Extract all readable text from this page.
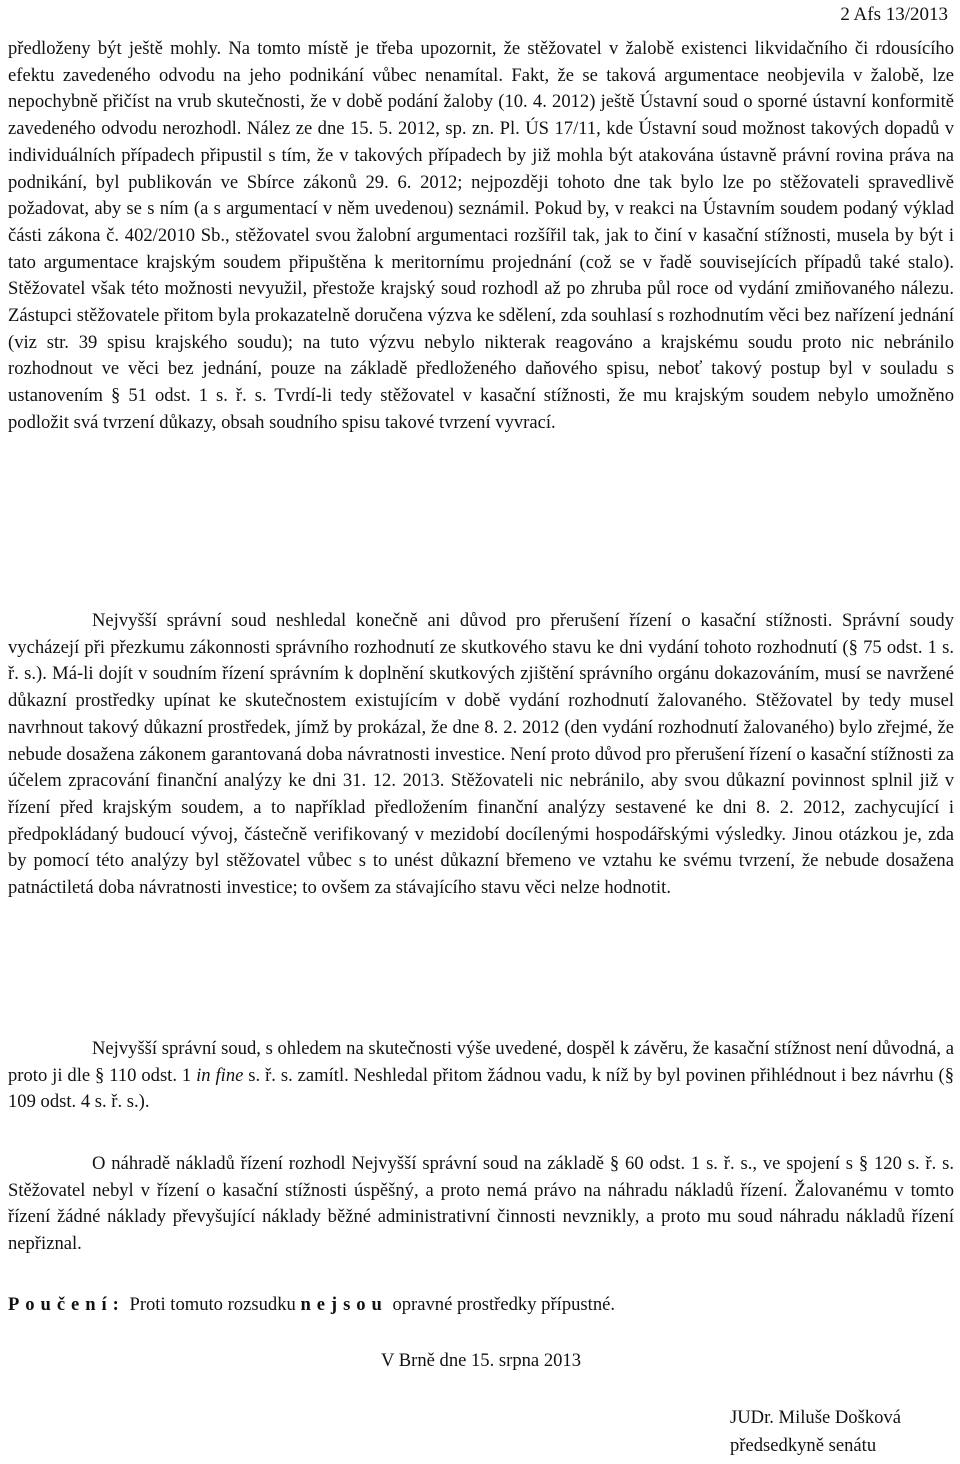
2 Afs 13/2013

předloženy být ještě mohly. Na tomto místě je třeba upozornit, že stěžovatel v žalobě existenci likvidačního či rdousícího efektu zavedeného odvodu na jeho podnikání vůbec nenamítal. Fakt, že se taková argumentace neobjevila v žalobě, lze nepochybně přičíst na vrub skutečnosti, že v době podání žaloby (10. 4. 2012) ještě Ústavní soud o sporné ústavní konformitě zavedeného odvodu nerozhodl. Nález ze dne 15. 5. 2012, sp. zn. Pl. ÚS 17/11, kde Ústavní soud možnost takových dopadů v individuálních případech připustil s tím, že v takových případech by již mohla být atakována ústavně právní rovina práva na podnikání, byl publikován ve Sbírce zákonů 29. 6. 2012; nejpozději tohoto dne tak bylo lze po stěžovateli spravedlivě požadovat, aby se s ním (a s argumentací v něm uvedenou) seznámil. Pokud by, v reakci na Ústavním soudem podaný výklad části zákona č. 402/2010 Sb., stěžovatel svou žalobní argumentaci rozšířil tak, jak to činí v kasační stížnosti, musela by být i tato argumentace krajským soudem připuštěna k meritornímu projednání (což se v řadě souvisejících případů také stalo). Stěžovatel však této možnosti nevyužil, přestože krajský soud rozhodl až po zhruba půl roce od vydání zmiňovaného nálezu. Zástupci stěžovatele přitom byla prokazatelně doručena výzva ke sdělení, zda souhlasí s rozhodnutím věci bez nařízení jednání (viz str. 39 spisu krajského soudu); na tuto výzvu nebylo nikterak reagováno a krajskému soudu proto nic nebránilo rozhodnout ve věci bez jednání, pouze na základě předloženého daňového spisu, neboť takový postup byl v souladu s ustanovením § 51 odst. 1 s. ř. s. Tvrdí-li tedy stěžovatel v kasační stížnosti, že mu krajským soudem nebylo umožněno podložit svá tvrzení důkazy, obsah soudního spisu takové tvrzení vyvrací.

Nejvyšší správní soud neshledal konečně ani důvod pro přerušení řízení o kasační stížnosti. Správní soudy vycházejí při přezkumu zákonnosti správního rozhodnutí ze skutkového stavu ke dni vydání tohoto rozhodnutí (§ 75 odst. 1 s. ř. s.). Má-li dojít v soudním řízení správním k doplnění skutkových zjištění správního orgánu dokazováním, musí se navržené důkazní prostředky upínat ke skutečnostem existujícím v době vydání rozhodnutí žalovaného. Stěžovatel by tedy musel navrhnout takový důkazní prostředek, jímž by prokázal, že dne 8. 2. 2012 (den vydání rozhodnutí žalovaného) bylo zřejmé, že nebude dosažena zákonem garantovaná doba návratnosti investice. Není proto důvod pro přerušení řízení o kasační stížnosti za účelem zpracování finanční analýzy ke dni 31. 12. 2013. Stěžovateli nic nebránilo, aby svou důkazní povinnost splnil již v řízení před krajským soudem, a to například předložením finanční analýzy sestavené ke dni 8. 2. 2012, zachycující i předpokládaný budoucí vývoj, částečně verifikovaný v mezidobí docílenými hospodářskými výsledky. Jinou otázkou je, zda by pomocí této analýzy byl stěžovatel vůbec s to unést důkazní břemeno ve vztahu ke svému tvrzení, že nebude dosažena patnáctiletá doba návratnosti investice; to ovšem za stávajícího stavu věci nelze hodnotit.

Nejvyšší správní soud, s ohledem na skutečnosti výše uvedené, dospěl k závěru, že kasační stížnost není důvodná, a proto ji dle § 110 odst. 1 in fine s. ř. s. zamítl. Neshledal přitom žádnou vadu, k níž by byl povinen přihlédnout i bez návrhu (§ 109 odst. 4 s. ř. s.).

O náhradě nákladů řízení rozhodl Nejvyšší správní soud na základě § 60 odst. 1 s. ř. s., ve spojení s § 120 s. ř. s. Stěžovatel nebyl v řízení o kasační stížnosti úspěšný, a proto nemá právo na náhradu nákladů řízení. Žalovanému v tomto řízení žádné náklady převyšující náklady běžné administrativní činnosti nevznikly, a proto mu soud náhradu nákladů řízení nepřiznal.

Poučení: Proti tomuto rozsudku nejsou opravné prostředky přípustné.

V Brně dne 15. srpna 2013

JUDr. Miluše Došková
předsedkyně senátu
